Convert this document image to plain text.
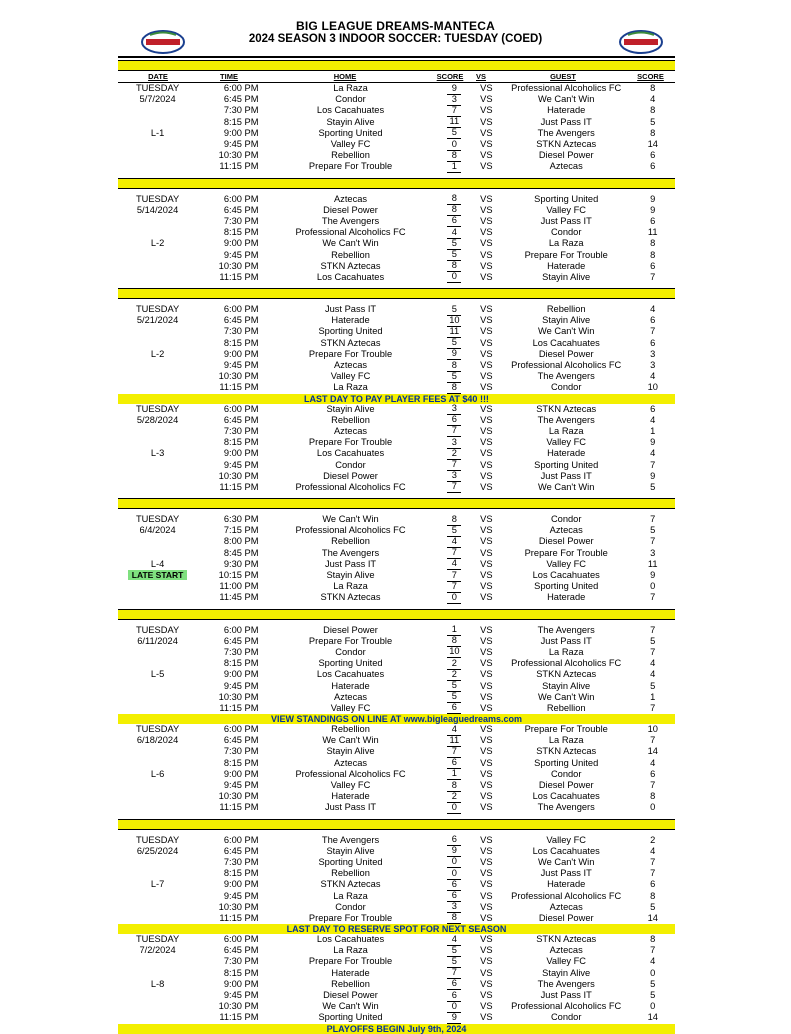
BIG LEAGUE DREAMS-MANTECA
2024 SEASON 3 INDOOR SOCCER: TUESDAY (COED)
DATE	TIME	HOME	SCORE	VS	GUEST	SCORE
TUESDAY	6:00 PM	La Raza	9	VS	Professional Alcoholics FC	8
5/7/2024	6:45 PM	Condor	3	VS	We Can't Win	4
7:30 PM	Los Cacahuates	7	VS	Haterade	8
8:15 PM	Stayin Alive	11	VS	Just Pass IT	5
L-1	9:00 PM	Sporting United	5	VS	The Avengers	8
9:45 PM	Valley FC	0	VS	STKN Aztecas	14
10:30 PM	Rebellion	8	VS	Diesel Power	6
11:15 PM	Prepare For Trouble	1	VS	Aztecas	6
TUESDAY	6:00 PM	Aztecas	8	VS	Sporting United	9
5/14/2024	6:45 PM	Diesel Power	8	VS	Valley FC	9
7:30 PM	The Avengers	6	VS	Just Pass IT	6
8:15 PM	Professional Alcoholics FC	4	VS	Condor	11
L-2	9:00 PM	We Can't Win	5	VS	La Raza	8
9:45 PM	Rebellion	5	VS	Prepare For Trouble	8
10:30 PM	STKN Aztecas	8	VS	Haterade	6
11:15 PM	Los Cacahuates	0	VS	Stayin Alive	7
TUESDAY	6:00 PM	Just Pass IT	5	VS	Rebellion	4
5/21/2024	6:45 PM	Haterade	10	VS	Stayin Alive	6
7:30 PM	Sporting United	11	VS	We Can't Win	7
8:15 PM	STKN Aztecas	5	VS	Los Cacahuates	6
L-2	9:00 PM	Prepare For Trouble	9	VS	Diesel Power	3
9:45 PM	Aztecas	8	VS	Professional Alcoholics FC	3
10:30 PM	Valley FC	5	VS	The Avengers	4
11:15 PM	La Raza	8	VS	Condor	10
LAST DAY TO PAY PLAYER FEES AT $40 !!!
TUESDAY	6:00 PM	Stayin Alive	3	VS	STKN Aztecas	6
5/28/2024	6:45 PM	Rebellion	6	VS	The Avengers	4
7:30 PM	Aztecas	7	VS	La Raza	1
8:15 PM	Prepare For Trouble	3	VS	Valley FC	9
L-3	9:00 PM	Los Cacahuates	2	VS	Haterade	4
9:45 PM	Condor	7	VS	Sporting United	7
10:30 PM	Diesel Power	3	VS	Just Pass IT	9
11:15 PM	Professional Alcoholics FC	7	VS	We Can't Win	5
TUESDAY	6:30 PM	We Can't Win	8	VS	Condor	7
6/4/2024	7:15 PM	Professional Alcoholics FC	5	VS	Aztecas	5
8:00 PM	Rebellion	4	VS	Diesel Power	7
8:45 PM	The Avengers	7	VS	Prepare For Trouble	3
L-4	9:30 PM	Just Pass IT	4	VS	Valley FC	11
LATE START	10:15 PM	Stayin Alive	7	VS	Los Cacahuates	9
11:00 PM	La Raza	7	VS	Sporting United	0
11:45 PM	STKN Aztecas	0	VS	Haterade	7
TUESDAY	6:00 PM	Diesel Power	1	VS	The Avengers	7
6/11/2024	6:45 PM	Prepare For Trouble	8	VS	Just Pass IT	5
7:30 PM	Condor	10	VS	La Raza	7
8:15 PM	Sporting United	2	VS	Professional Alcoholics FC	4
L-5	9:00 PM	Los Cacahuates	2	VS	STKN Aztecas	4
9:45 PM	Haterade	5	VS	Stayin Alive	5
10:30 PM	Aztecas	5	VS	We Can't Win	1
11:15 PM	Valley FC	6	VS	Rebellion	7
VIEW STANDINGS ON LINE AT www.bigleaguedreams.com
TUESDAY	6:00 PM	Rebellion	4	VS	Prepare For Trouble	10
6/18/2024	6:45 PM	We Can't Win	11	VS	La Raza	7
7:30 PM	Stayin Alive	7	VS	STKN Aztecas	14
8:15 PM	Aztecas	6	VS	Sporting United	4
L-6	9:00 PM	Professional Alcoholics FC	1	VS	Condor	6
9:45 PM	Valley FC	8	VS	Diesel Power	7
10:30 PM	Haterade	2	VS	Los Cacahuates	8
11:15 PM	Just Pass IT	0	VS	The Avengers	0
TUESDAY	6:00 PM	The Avengers	6	VS	Valley FC	2
6/25/2024	6:45 PM	Stayin Alive	9	VS	Los Cacahuates	4
7:30 PM	Sporting United	0	VS	We Can't Win	7
8:15 PM	Rebellion	0	VS	Just Pass IT	7
L-7	9:00 PM	STKN Aztecas	6	VS	Haterade	6
9:45 PM	La Raza	6	VS	Professional Alcoholics FC	8
10:30 PM	Condor	3	VS	Aztecas	5
11:15 PM	Prepare For Trouble	8	VS	Diesel Power	14
LAST DAY TO RESERVE SPOT FOR NEXT SEASON
TUESDAY	6:00 PM	Los Cacahuates	4	VS	STKN Aztecas	8
7/2/2024	6:45 PM	La Raza	5	VS	Aztecas	7
7:30 PM	Prepare For Trouble	5	VS	Valley FC	4
8:15 PM	Haterade	7	VS	Stayin Alive	0
L-8	9:00 PM	Rebellion	6	VS	The Avengers	5
9:45 PM	Diesel Power	6	VS	Just Pass IT	5
10:30 PM	We Can't Win	0	VS	Professional Alcoholics FC	0
11:15 PM	Sporting United	9	VS	Condor	14
PLAYOFFS BEGIN July 9th, 2024
